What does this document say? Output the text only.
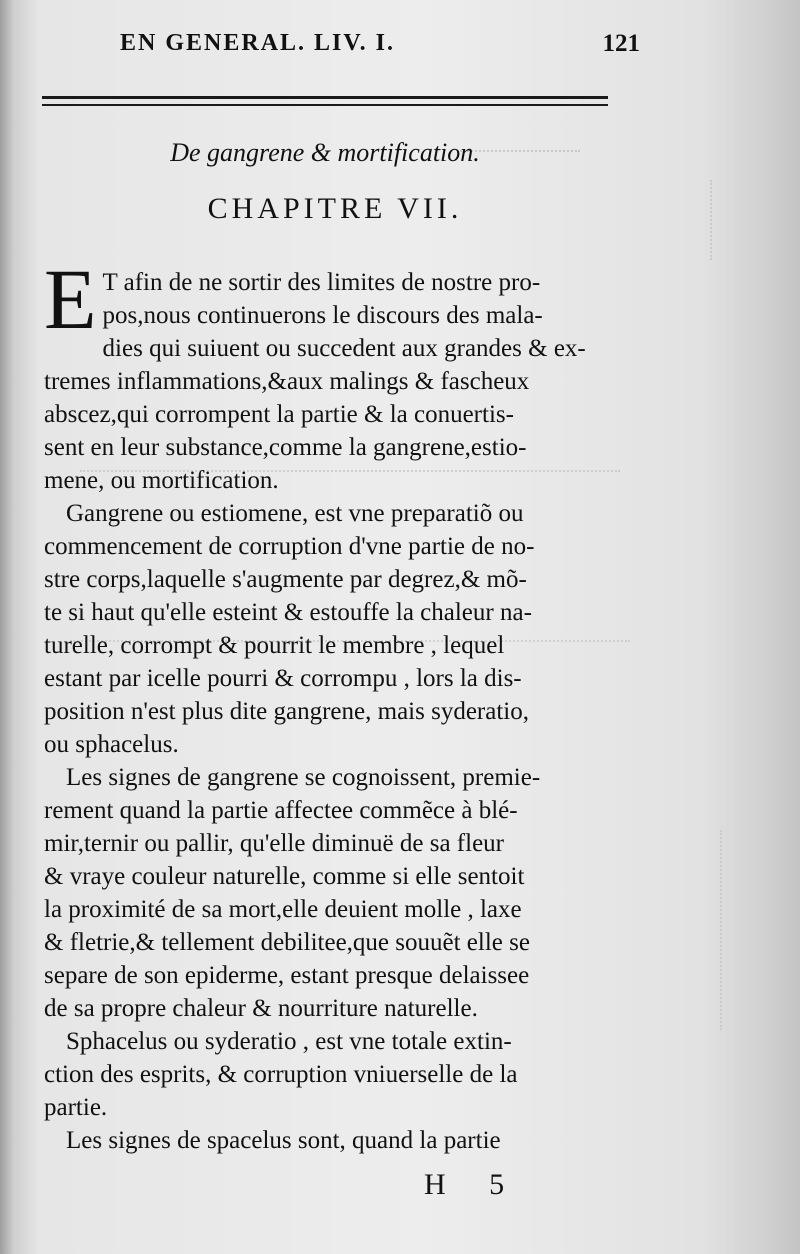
EN GENERAL. LIV. I.	121
De gangrene & mortification.
CHAPITRE VII.
E T afin de ne sortir des limites de nostre pro-
pos,nous continuerons le discours des mala-
dies qui suiuent ou succedent aux grandes & ex-
tremes inflammations,&aux malings & fascheux
abscez,qui corrompent la partie & la conuertis-
sent en leur substance,comme la gangrene,estio-
mene, ou mortification.
Gangrene ou estiomene, est vne preparatiõ ou
commencement de corruption d'vne partie de no-
stre corps,laquelle s'augmente par degrez,& mõ-
te si haut qu'elle esteint & estouffe la chaleur na-
turelle, corrompt & pourrit le membre , lequel
estant par icelle pourri & corrompu , lors la dis-
position n'est plus dite gangrene, mais syderatio,
ou sphacelus.
Les signes de gangrene se cognoissent, premie-
rement quand la partie affectee commẽce à blé-
mir,ternir ou pallir, qu'elle diminuë de sa fleur
& vraye couleur naturelle, comme si elle sentoit
la proximité de sa mort,elle deuient molle , laxe
& fletrie,& tellement debilitee,que souuẽt elle se
separe de son epiderme, estant presque delaissee
de sa propre chaleur & nourriture naturelle.
Sphacelus ou syderatio , est vne totale extin-
ction des esprits, & corruption vniuerselle de la
partie.
Les signes de spacelus sont, quand la partie
H 5
